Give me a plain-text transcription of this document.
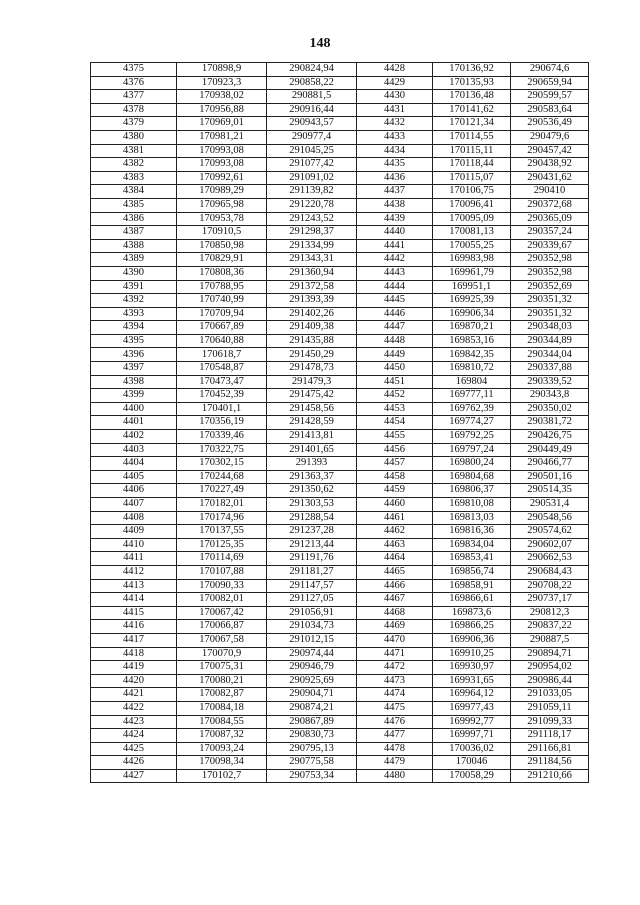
148
4375	170898,9	290824,94	4428	170136,92	290674,6
4376	170923,3	290858,22	4429	170135,93	290659,94
4377	170938,02	290881,5	4430	170136,48	290599,57
4378	170956,88	290916,44	4431	170141,62	290583,64
4379	170969,01	290943,57	4432	170121,34	290536,49
4380	170981,21	290977,4	4433	170114,55	290479,6
4381	170993,08	291045,25	4434	170115,11	290457,42
4382	170993,08	291077,42	4435	170118,44	290438,92
4383	170992,61	291091,02	4436	170115,07	290431,62
4384	170989,29	291139,82	4437	170106,75	290410
4385	170965,98	291220,78	4438	170096,41	290372,68
4386	170953,78	291243,52	4439	170095,09	290365,09
4387	170910,5	291298,37	4440	170081,13	290357,24
4388	170850,98	291334,99	4441	170055,25	290339,67
4389	170829,91	291343,31	4442	169983,98	290352,98
4390	170808,36	291360,94	4443	169961,79	290352,98
4391	170788,95	291372,58	4444	169951,1	290352,69
4392	170740,99	291393,39	4445	169925,39	290351,32
4393	170709,94	291402,26	4446	169906,34	290351,32
4394	170667,89	291409,38	4447	169870,21	290348,03
4395	170640,88	291435,88	4448	169853,16	290344,89
4396	170618,7	291450,29	4449	169842,35	290344,04
4397	170548,87	291478,73	4450	169810,72	290337,88
4398	170473,47	291479,3	4451	169804	290339,52
4399	170452,39	291475,42	4452	169777,11	290343,8
4400	170401,1	291458,56	4453	169762,39	290350,02
4401	170356,19	291428,59	4454	169774,27	290381,72
4402	170339,46	291413,81	4455	169792,25	290426,75
4403	170322,75	291401,65	4456	169797,24	290449,49
4404	170302,15	291393	4457	169800,24	290466,77
4405	170244,68	291363,37	4458	169804,68	290501,16
4406	170227,49	291350,62	4459	169806,37	290514,35
4407	170182,01	291303,53	4460	169810,08	290531,4
4408	170174,96	291288,54	4461	169813,03	290548,56
4409	170137,55	291237,28	4462	169816,36	290574,62
4410	170125,35	291213,44	4463	169834,04	290602,07
4411	170114,69	291191,76	4464	169853,41	290662,53
4412	170107,88	291181,27	4465	169856,74	290684,43
4413	170090,33	291147,57	4466	169858,91	290708,22
4414	170082,01	291127,05	4467	169866,61	290737,17
4415	170067,42	291056,91	4468	169873,6	290812,3
4416	170066,87	291034,73	4469	169866,25	290837,22
4417	170067,58	291012,15	4470	169906,36	290887,5
4418	170070,9	290974,44	4471	169910,25	290894,71
4419	170075,31	290946,79	4472	169930,97	290954,02
4420	170080,21	290925,69	4473	169931,65	290986,44
4421	170082,87	290904,71	4474	169964,12	291033,05
4422	170084,18	290874,21	4475	169977,43	291059,11
4423	170084,55	290867,89	4476	169992,77	291099,33
4424	170087,32	290830,73	4477	169997,71	291118,17
4425	170093,24	290795,13	4478	170036,02	291166,81
4426	170098,34	290775,58	4479	170046	291184,56
4427	170102,7	290753,34	4480	170058,29	291210,66
